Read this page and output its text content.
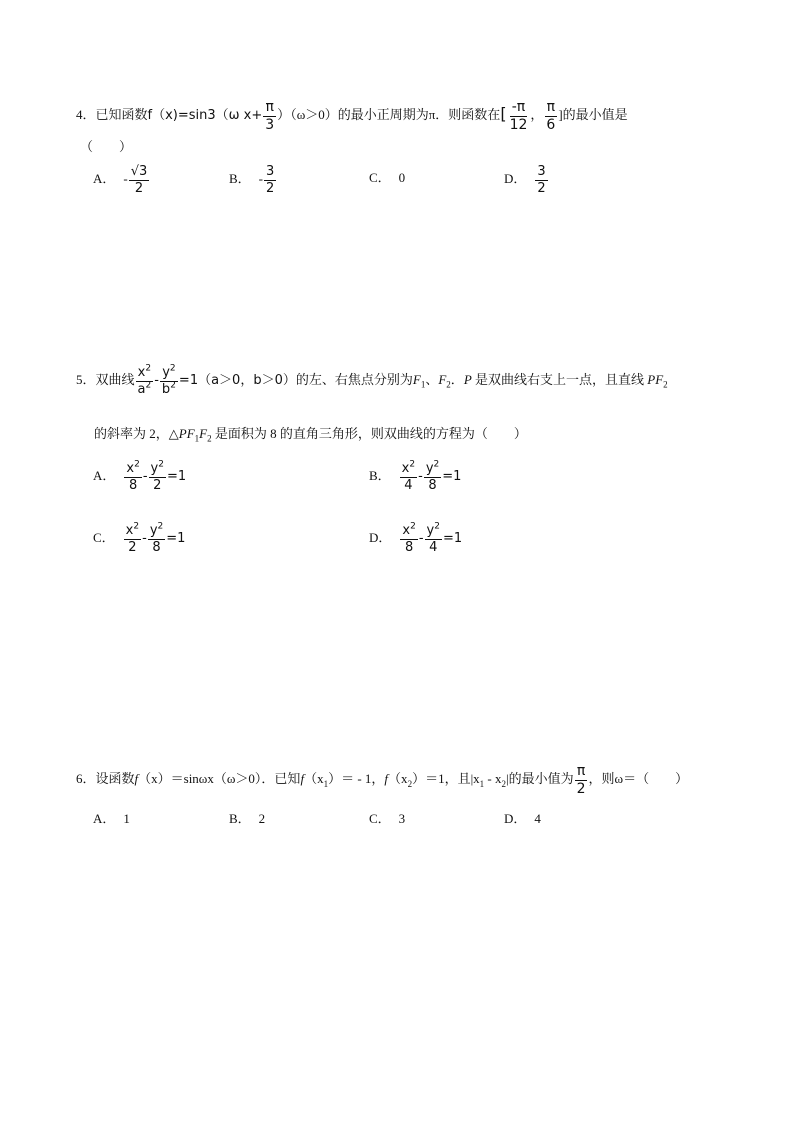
4．已知函数f（x)=sin3（ω $x+ \frac{\pi}{3} )(\omega>0)$的最小正周期为π．则函数在[ $\frac{-\pi}{12}$ ， $\frac{\pi}{6}$ ]的最小值是
（　　）
A． - $\frac{√3}{2}$	B． - $\frac{3}{2}$	C． 0	D． $\frac{3}{2}$
5．双曲线 $\frac{x^2}{a^2} - \frac{y^2}{b^2} =1(a>0$，b＞0）的左、右焦点分别为$F_1$、$F_2$．P 是双曲线右支上一点，且直线 $PF_2$
的斜率为 2，$\triangle PF_1F_2$ 是面积为 8 的直角三角形，则双曲线的方程为（　　）
A． $\frac{x^2}{8} - \frac{y^2}{2} =1$	B． $\frac{x^2}{4} - \frac{y^2}{8} =1$
C． $\frac{x^2}{2} - \frac{y^2}{8} =1$	D． $\frac{x^2}{8} - \frac{y^2}{4} =1$
6．设函数f（x）＝sinωx（ω＞0）．已知$f(x_1)= - 1$，$f(x_2)=1$，且$|x_1 - x_2|$的最小值为 $\frac{\pi}{2}$ ，则ω＝（　　）
A． 1	B． 2	C． 3	D． 4
